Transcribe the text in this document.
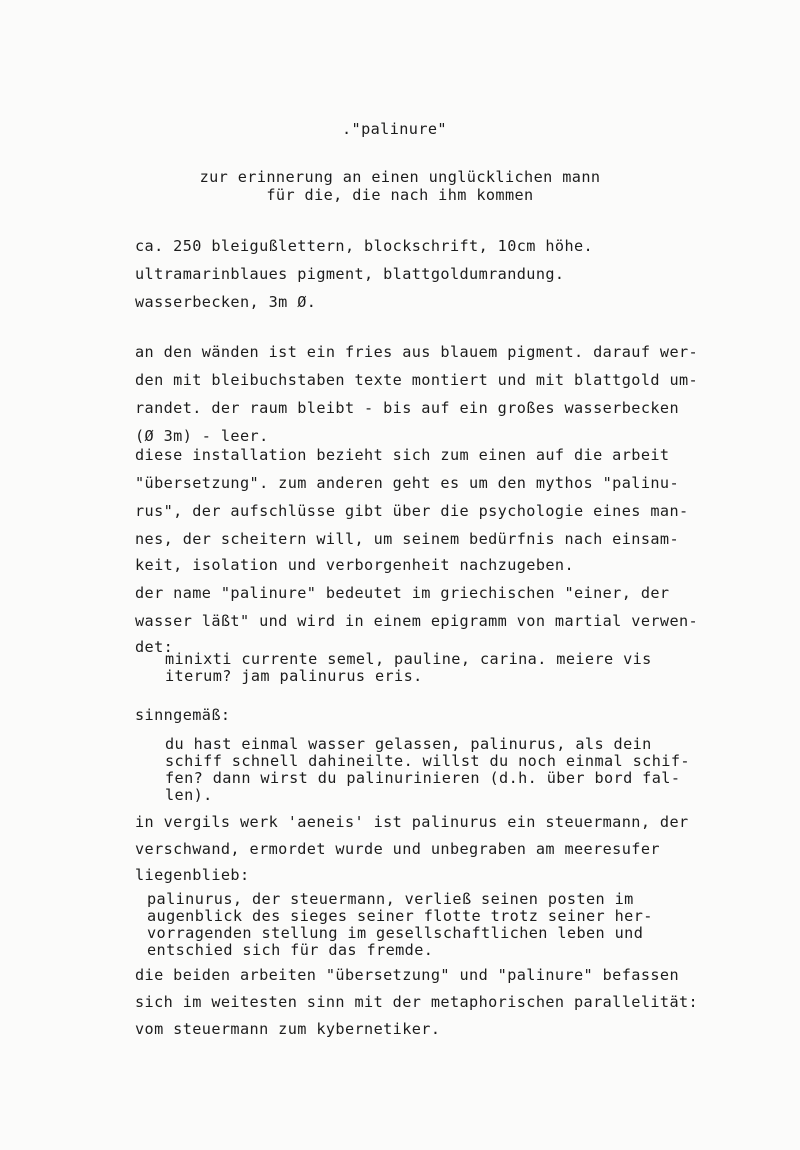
."palinure"
zur erinnerung an einen unglücklichen mann
für die, die nach ihm kommen
ca. 250 bleigußlettern, blockschrift, 10cm höhe.
ultramarinblaues pigment, blattgoldumrandung.
wasserbecken, 3m Ø.
an den wänden ist ein fries aus blauem pigment. darauf wer-
den mit bleibuchstaben texte montiert und mit blattgold um-
randet. der raum bleibt - bis auf ein großes wasserbecken
(Ø 3m) - leer.
diese installation bezieht sich zum einen auf die arbeit
"übersetzung". zum anderen geht es um den mythos "palinu-
rus", der aufschlüsse gibt über die psychologie eines man-
nes, der scheitern will, um seinem bedürfnis nach einsam-
keit, isolation und verborgenheit nachzugeben.
der name "palinure" bedeutet im griechischen "einer, der
wasser läßt" und wird in einem epigramm von martial verwen-
det:
minixti currente semel, pauline, carina. meiere vis
iterum? jam palinurus eris.
sinngemäß:
du hast einmal wasser gelassen, palinurus, als dein
schiff schnell dahineilte. willst du noch einmal schif-
fen? dann wirst du palinurinieren (d.h. über bord fal-
len).
in vergils werk 'aeneis' ist palinurus ein steuermann, der
verschwand, ermordet wurde und unbegraben am meeresufer
liegenblieb:
palinurus, der steuermann, verließ seinen posten im
augenblick des sieges seiner flotte trotz seiner her-
vorragenden stellung im gesellschaftlichen leben und
entschied sich für das fremde.
die beiden arbeiten "übersetzung" und "palinure" befassen
sich im weitesten sinn mit der metaphorischen parallelität:
vom steuermann zum kybernetiker.
